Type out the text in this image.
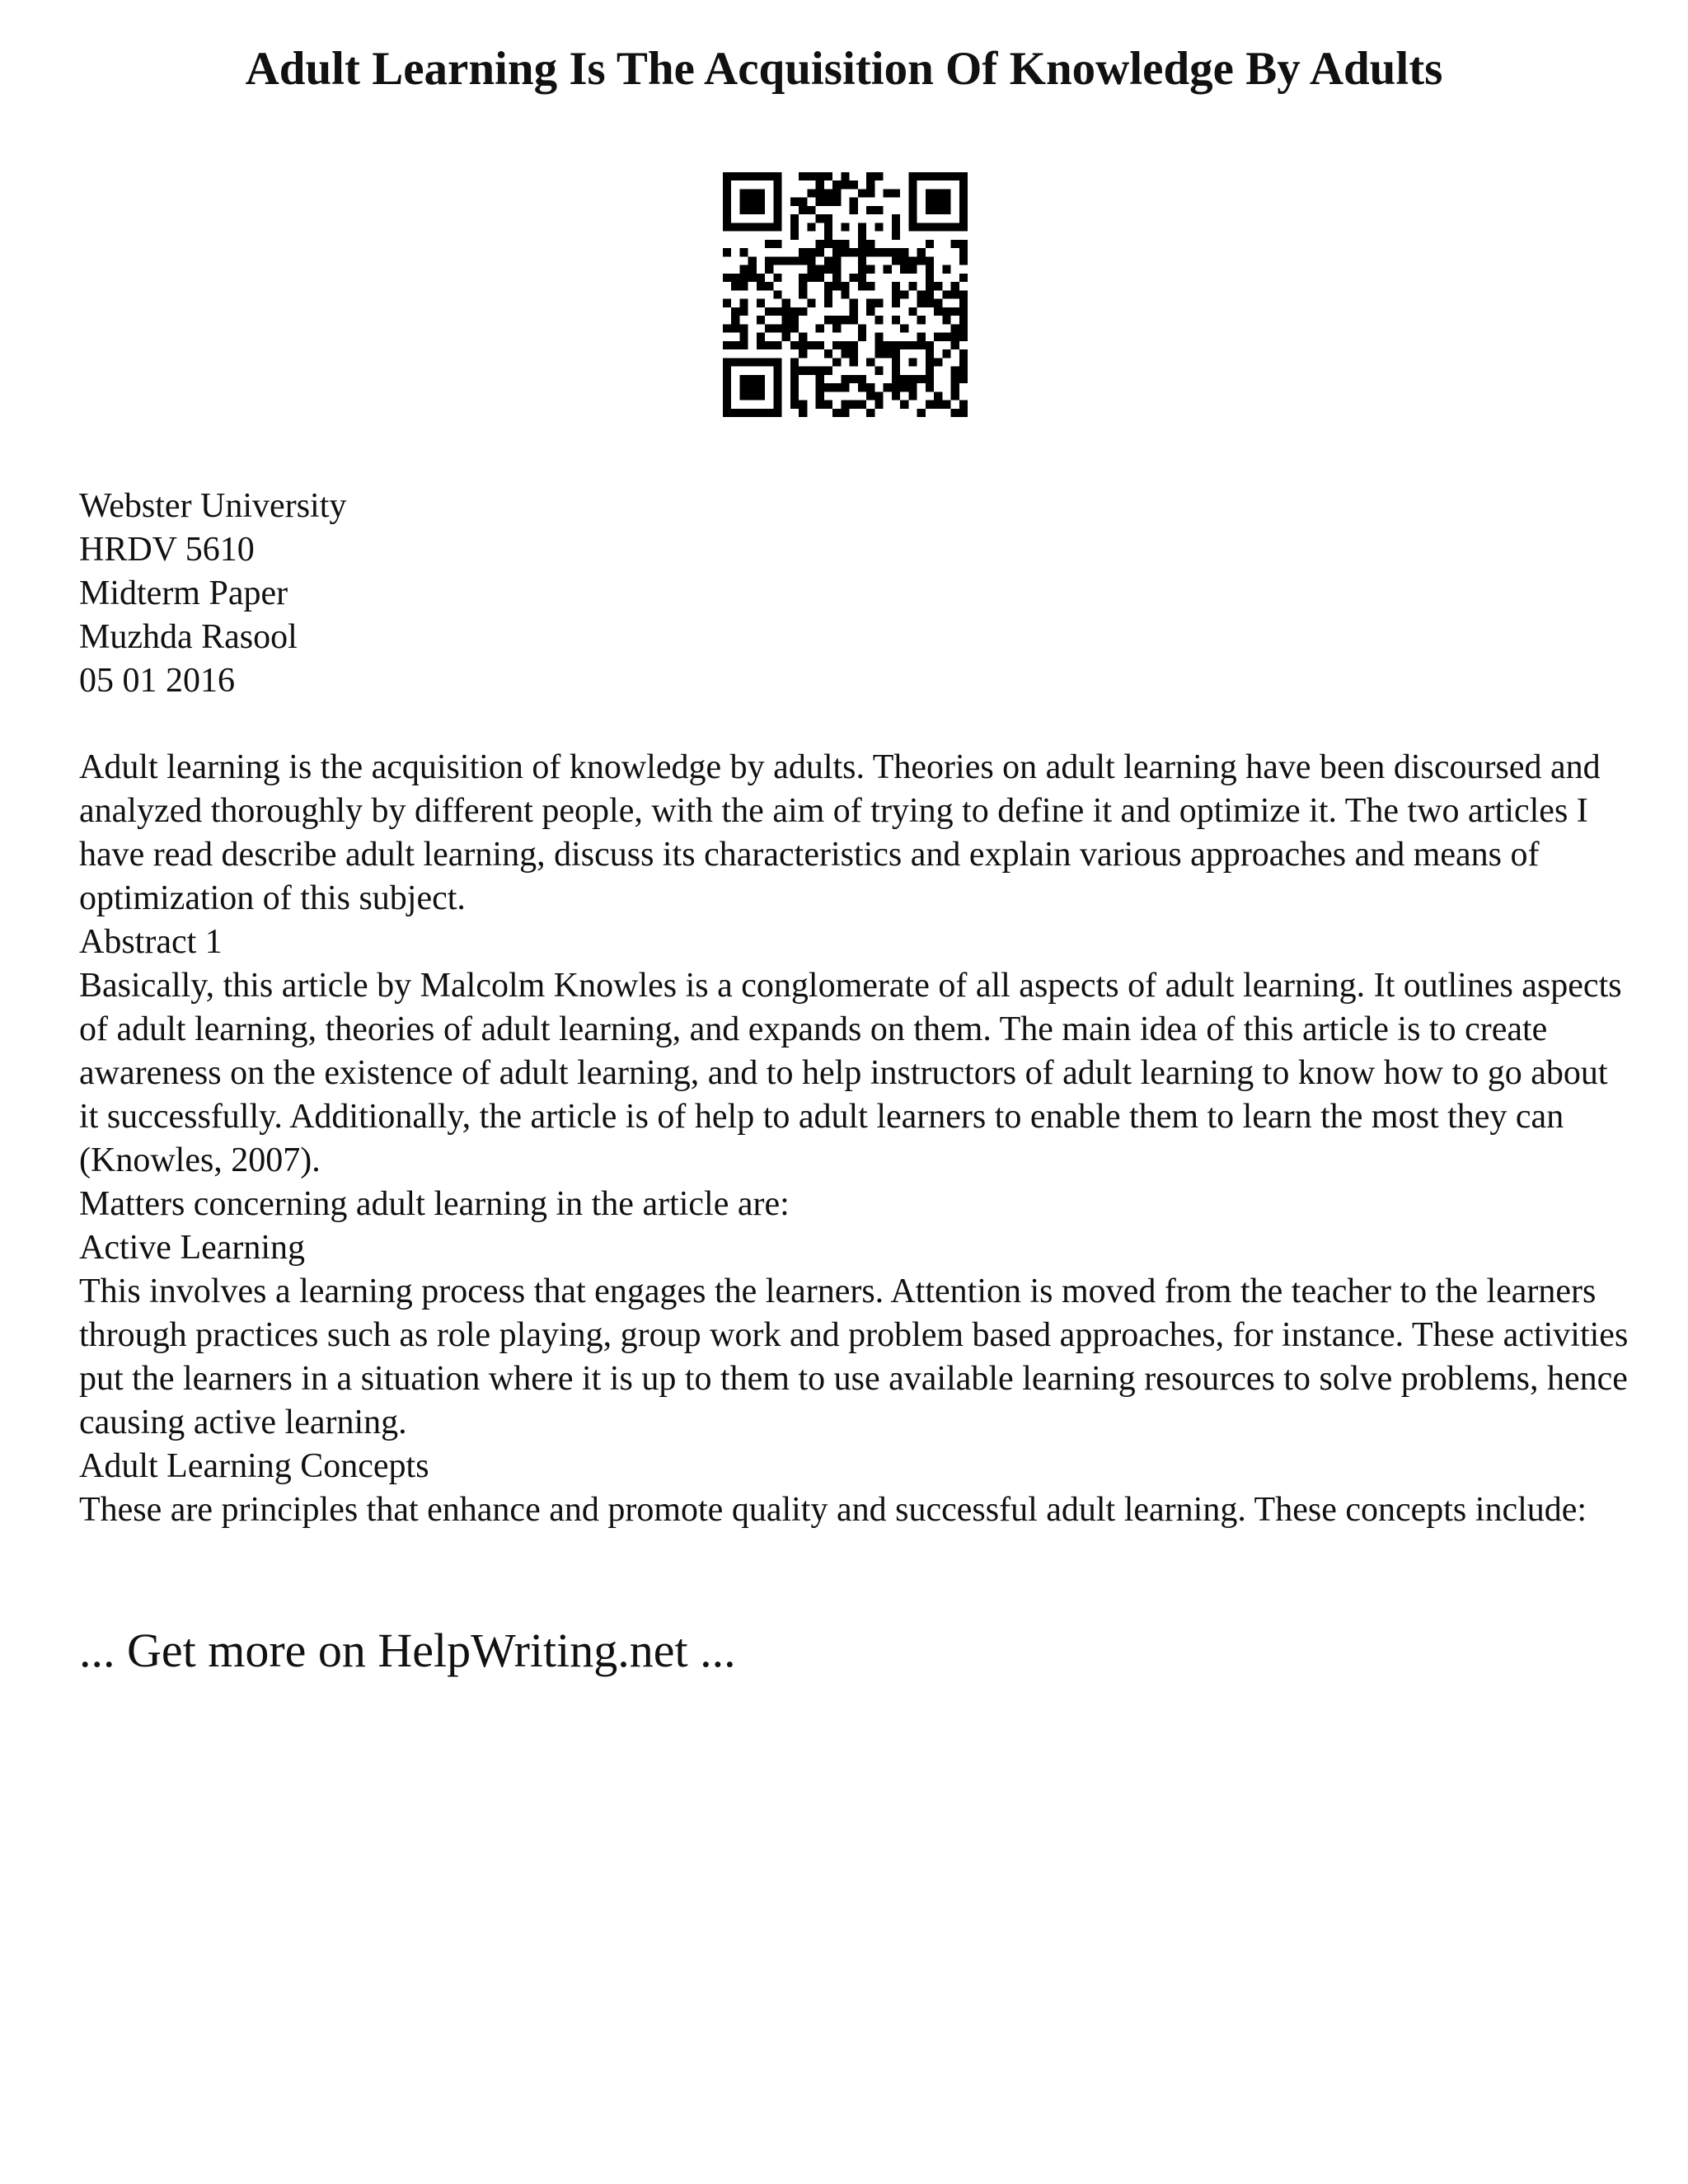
Adult Learning Is The Acquisition Of Knowledge By Adults
Webster University
HRDV 5610
Midterm Paper
Muzhda Rasool
05 01 2016

Adult learning is the acquisition of knowledge by adults. Theories on adult learning have been discoursed and analyzed thoroughly by different people, with the aim of trying to define it and optimize it. The two articles I have read describe adult learning, discuss its characteristics and explain various approaches and means of optimization of this subject.

Abstract 1

Basically, this article by Malcolm Knowles is a conglomerate of all aspects of adult learning. It outlines aspects of adult learning, theories of adult learning, and expands on them. The main idea of this article is to create awareness on the existence of adult learning, and to help instructors of adult learning to know how to go about it successfully. Additionally, the article is of help to adult learners to enable them to learn the most they can (Knowles, 2007).

Matters concerning adult learning in the article are:

Active Learning

This involves a learning process that engages the learners. Attention is moved from the teacher to the learners through practices such as role playing, group work and problem based approaches, for instance. These activities put the learners in a situation where it is up to them to use available learning resources to solve problems, hence causing active learning.

Adult Learning Concepts

These are principles that enhance and promote quality and successful adult learning. These concepts include:

... Get more on HelpWriting.net ...
